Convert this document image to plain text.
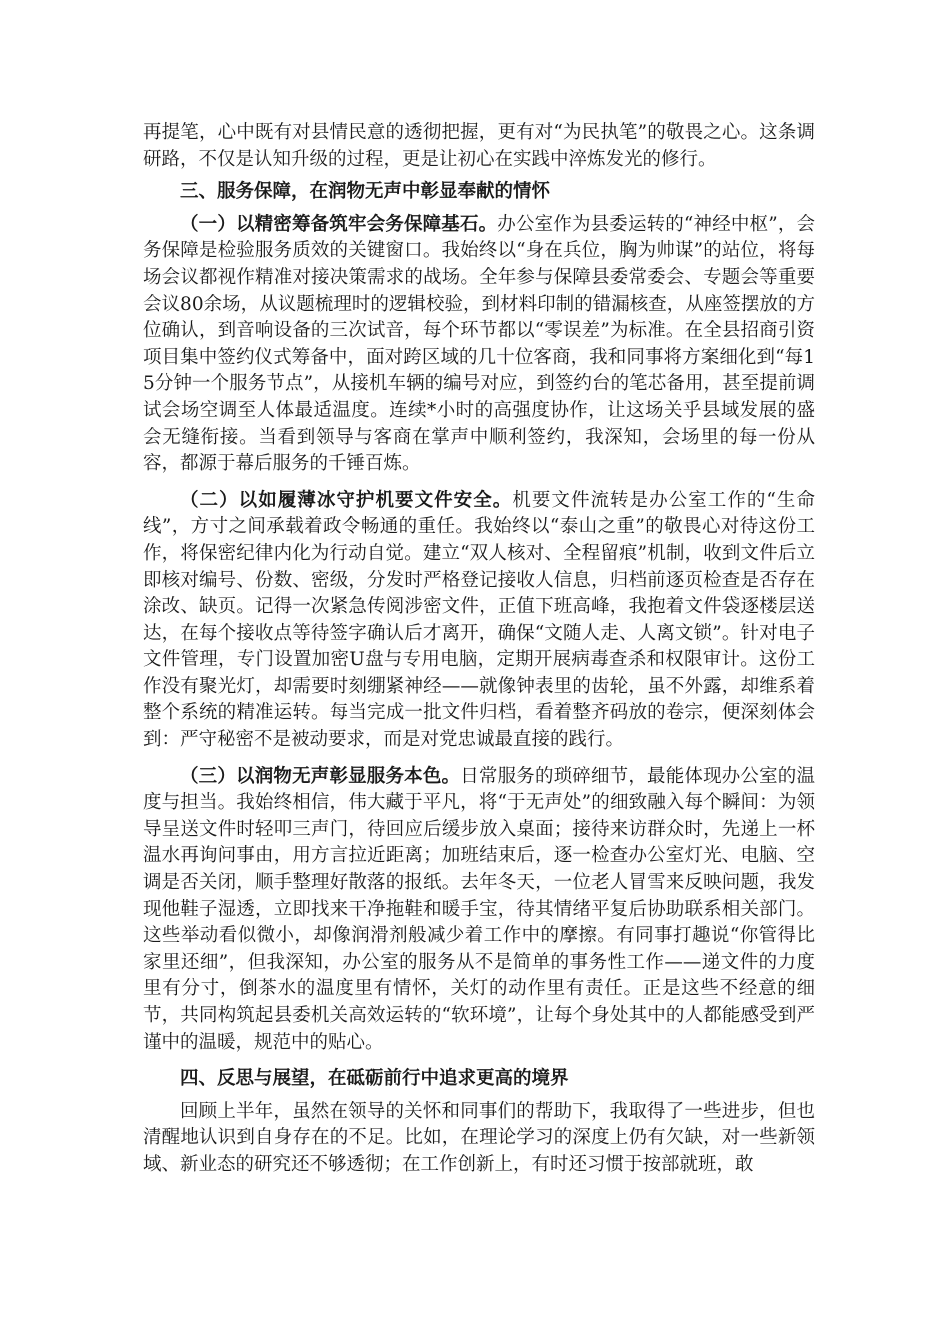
再提笔，心中既有对县情民意的透彻把握，更有对“为民执笔”的敬畏之心。这条调研路，不仅是认知升级的过程，更是让初心在实践中淬炼发光的修行。

三、服务保障，在润物无声中彰显奉献的情怀

（一）以精密筹备筑牢会务保障基石。办公室作为县委运转的“神经中枢”，会务保障是检验服务质效的关键窗口。我始终以“身在兵位，胸为帅谋”的站位，将每场会议都视作精准对接决策需求的战场。全年参与保障县委常委会、专题会等重要会议80余场，从议题梳理时的逻辑校验，到材料印制的错漏核查，从座签摆放的方位确认，到音响设备的三次试音，每个环节都以“零误差”为标准。在全县招商引资项目集中签约仪式筹备中，面对跨区域的几十位客商，我和同事将方案细化到“每15分钟一个服务节点”，从接机车辆的编号对应，到签约台的笔芯备用，甚至提前调试会场空调至人体最适温度。连续*小时的高强度协作，让这场关乎县域发展的盛会无缝衔接。当看到领导与客商在掌声中顺利签约，我深知，会场里的每一份从容，都源于幕后服务的千锤百炼。

（二）以如履薄冰守护机要文件安全。机要文件流转是办公室工作的“生命线”，方寸之间承载着政令畅通的重任。我始终以“泰山之重”的敬畏心对待这份工作，将保密纪律内化为行动自觉。建立“双人核对、全程留痕”机制，收到文件后立即核对编号、份数、密级，分发时严格登记接收人信息，归档前逐页检查是否存在涂改、缺页。记得一次紧急传阅涉密文件，正值下班高峰，我抱着文件袋逐楼层送达，在每个接收点等待签字确认后才离开，确保“文随人走、人离文锁”。针对电子文件管理，专门设置加密U盘与专用电脑，定期开展病毒查杀和权限审计。这份工作没有聚光灯，却需要时刻绷紧神经——就像钟表里的齿轮，虽不外露，却维系着整个系统的精准运转。每当完成一批文件归档，看着整齐码放的卷宗，便深刻体会到：严守秘密不是被动要求，而是对党忠诚最直接的践行。

（三）以润物无声彰显服务本色。日常服务的琐碎细节，最能体现办公室的温度与担当。我始终相信，伟大藏于平凡，将“于无声处”的细致融入每个瞬间：为领导呈送文件时轻叩三声门，待回应后缓步放入桌面；接待来访群众时，先递上一杯温水再询问事由，用方言拉近距离；加班结束后，逐一检查办公室灯光、电脑、空调是否关闭，顺手整理好散落的报纸。去年冬天，一位老人冒雪来反映问题，我发现他鞋子湿透，立即找来干净拖鞋和暖手宝，待其情绪平复后协助联系相关部门。这些举动看似微小，却像润滑剂般减少着工作中的摩擦。有同事打趣说“你管得比家里还细”，但我深知，办公室的服务从不是简单的事务性工作——递文件的力度里有分寸，倒茶水的温度里有情怀，关灯的动作里有责任。正是这些不经意的细节，共同构筑起县委机关高效运转的“软环境”，让每个身处其中的人都能感受到严谨中的温暖，规范中的贴心。

四、反思与展望，在砥砺前行中追求更高的境界

回顾上半年，虽然在领导的关怀和同事们的帮助下，我取得了一些进步，但也清醒地认识到自身存在的不足。比如，在理论学习的深度上仍有欠缺，对一些新领域、新业态的研究还不够透彻；在工作创新上，有时还习惯于按部就班，敢
